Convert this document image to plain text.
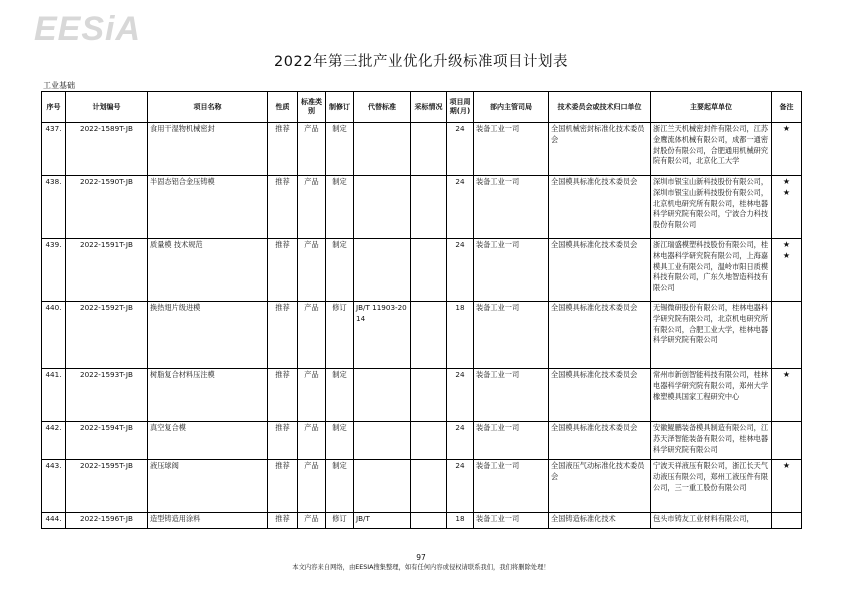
EESiA
2022年第三批产业优化升级标准项目计划表
工业基础
序号	计划编号	项目名称	性质	标准类别	制修订	代替标准	采标情况	项目周期(月)	部内主管司局	技术委员会或技术归口单位	主要起草单位	备注
437.	2022-1589T-JB	食用干湿物机械密封	推荐	产品	制定			24	装备工业一司	全国机械密封标准化技术委员会	浙江兰天机械密封件有限公司，江苏金鹰流体机械有限公司，成都一通密封股份有限公司，合肥通用机械研究院有限公司，北京化工大学	★
438.	2022-1590T-JB	半固态铝合金压铸模	推荐	产品	制定			24	装备工业一司	全国模具标准化技术委员会	深圳市银宝山新科技股份有限公司，深圳市银宝山新科技股份有限公司，北京机电研究所有限公司，桂林电器科学研究院有限公司，宁波合力科技股份有限公司	★
★
439.	2022-1591T-JB	质量模 技术规范	推荐	产品	制定			24	装备工业一司	全国模具标准化技术委员会	浙江瑞盛模塑科技股份有限公司，桂林电器科学研究院有限公司，上海嘉模具工业有限公司，温岭市阳日质模科技有限公司，广东久地智造科技有限公司	★
★
440.	2022-1592T-JB	换热翅片级进模	推荐	产品	修订	JB/T 11903-2014		18	装备工业一司	全国模具标准化技术委员会	无锡微研股份有限公司，桂林电器科学研究院有限公司，北京机电研究所有限公司，合肥工业大学，桂林电器科学研究院有限公司	
441.	2022-1593T-JB	树脂复合材料压注模	推荐	产品	制定			24	装备工业一司	全国模具标准化技术委员会	常州市新创智能科技有限公司，桂林电器科学研究院有限公司，郑州大学橡塑模具国家工程研究中心	★
442.	2022-1594T-JB	真空复合模	推荐	产品	制定			24	装备工业一司	全国模具标准化技术委员会	安徽鲲鹏装备模具制造有限公司，江苏天泽智能装备有限公司，桂林电器科学研究院有限公司	
443.	2022-1595T-JB	液压球阀	推荐	产品	制定			24	装备工业一司	全国液压气动标准化技术委员会	宁波天祥液压有限公司，浙江长天气动液压有限公司，郑州工液压件有限公司，三一重工股份有限公司	★
444.	2022-1596T-JB	造型铸造用涂料	推荐	产品	修订	JB/T		18	装备工业一司	全国铸造标准化技术	包头市铸友工业材料有限公司，	
97
本文内容来自网络，由EESIA搜集整理，如有任何内容或侵权请联系我们，我们将删除处理！
